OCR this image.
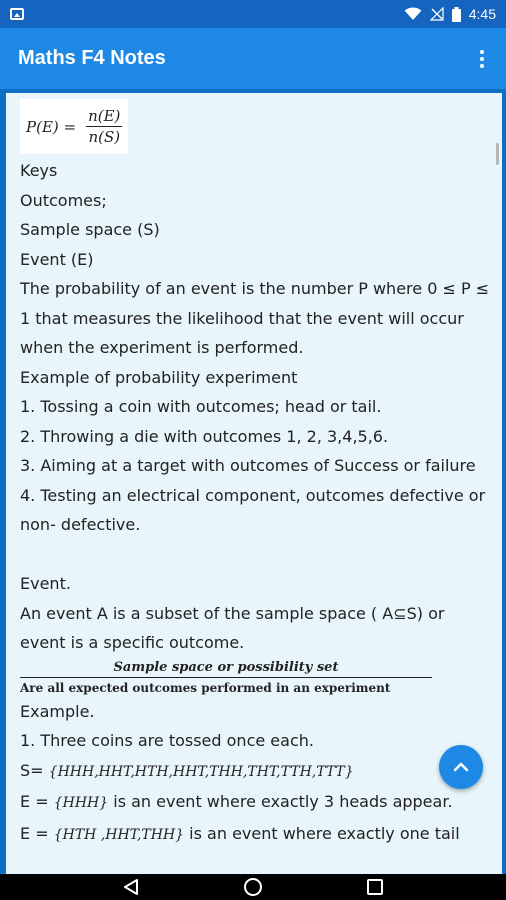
4:45
Maths F4 Notes
$P(E) = \frac{n(E)}{n(S)}$
Keys
Outcomes;
Sample space (S)
Event (E)
The probability of an event is the number P where 0 ≤ P ≤ 1 that measures the likelihood that the event will occur when the experiment is performed.
Example of probability experiment
1. Tossing a coin with outcomes; head or tail.
2. Throwing a die with outcomes 1, 2, 3,4,5,6.
3. Aiming at a target with outcomes of Success or failure
4. Testing an electrical component, outcomes defective or non- defective.
Event.
An event A is a subset of the sample space ( A⊆S) or event is a specific outcome.
Sample space or possibility set
Are all expected outcomes performed in an experiment
Example.
1. Three coins are tossed once each.
S= {HHH,HHT,HTH,HHT,THH,THT,TTH,TTT}
E = {HHH} is an event where exactly 3 heads appear.
E = {HTH ,HHT,THH} is an event where exactly one tail
